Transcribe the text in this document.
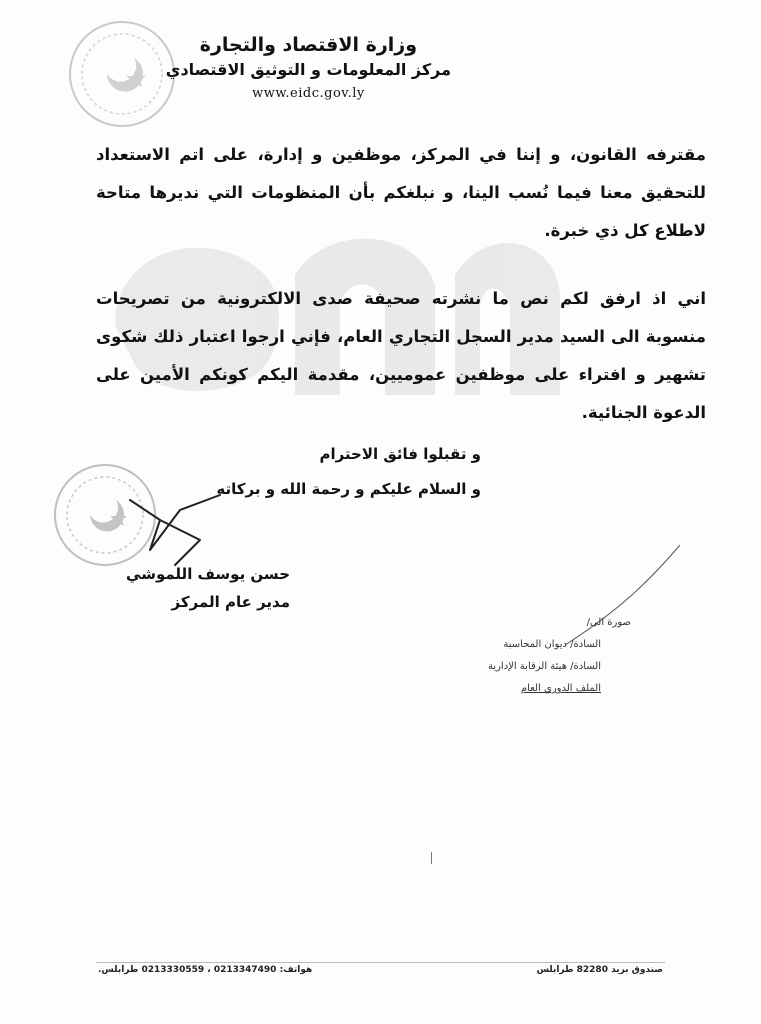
وزارة الاقتصاد والتجارة
مركز المعلومات و التوثيق الاقتصادي
www.eidc.gov.ly
مقترفه القانون، و إننا في المركز، موظفين و إدارة، على اتم الاستعداد للتحقيق معنا فيما نُسب الينا، و نبلغكم بأن المنظومات التي نديرها متاحة لاطلاع كل ذي خبرة.
اني اذ ارفق لكم نص ما نشرته صحيفة صدى الالكترونية من تصريحات منسوبة الى السيد مدير السجل التجاري العام، فإني ارجوا اعتبار ذلك شكوى تشهير و افتراء على موظفين عموميين، مقدمة اليكم كونكم الأمين على الدعوة الجنائية.
و تقبلوا فائق الاحترام
و السلام عليكم و رحمة الله و بركاته
حسن يوسف اللموشي
مدير عام المركز
صورة الى/
السادة/ ديوان المحاسبة
السادة/ هيئة الرقابة الإدارية
الملف الدوري العام
صندوق بريد 82280 طرابلس
هواتف: 0213347490 ، 0213330559 طرابلس.
